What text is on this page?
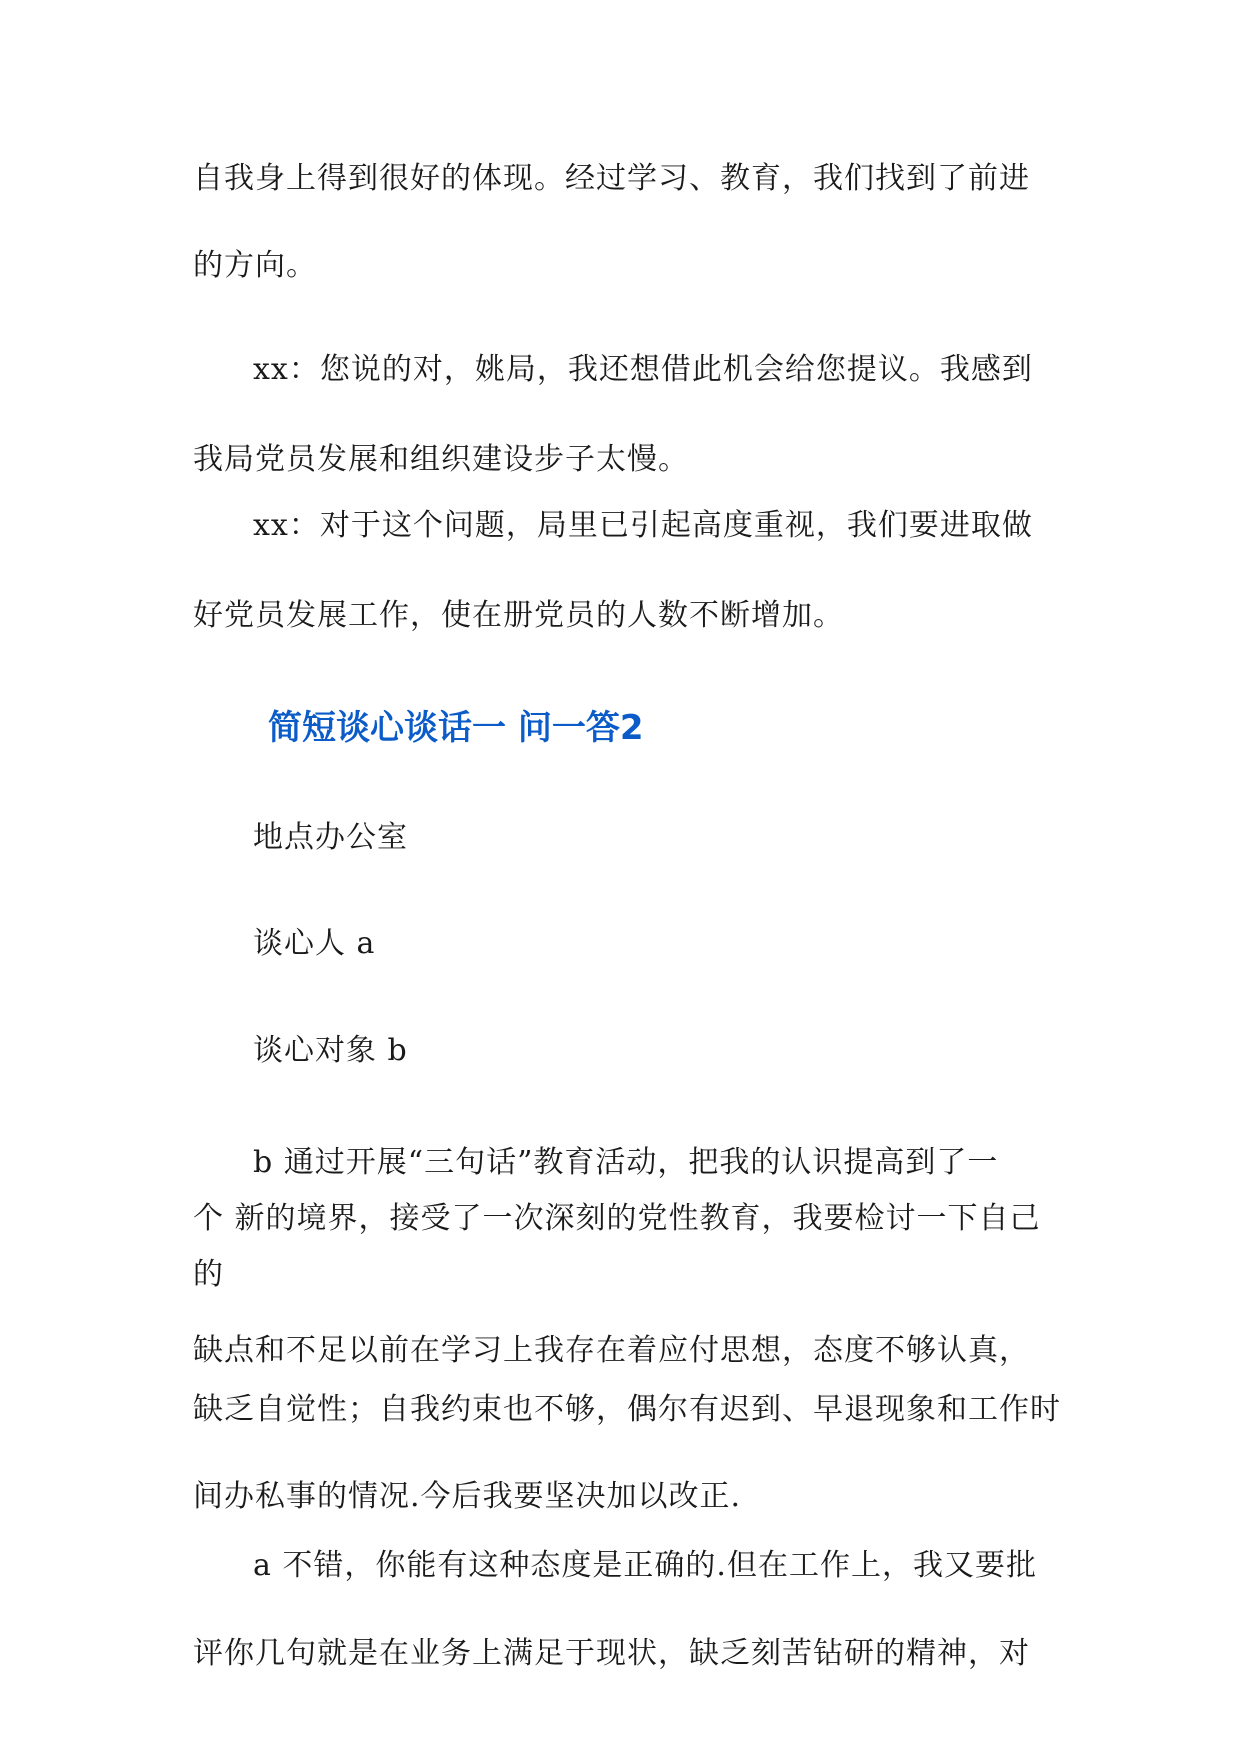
自我身上得到很好的体现。经过学习、教育，我们找到了前进
的方向。
xx：您说的对，姚局，我还想借此机会给您提议。我感到
我局党员发展和组织建设步子太慢。
xx：对于这个问题，局里已引起高度重视，我们要进取做
好党员发展工作，使在册党员的人数不断增加。
简短谈心谈话一 问一答2
地点办公室
谈心人 a
谈心对象 b
b 通过开展“三句话”教育活动，把我的认识提高到了一
个 新的境界，接受了一次深刻的党性教育，我要检讨一下自己
的
缺点和不足以前在学习上我存在着应付思想，态度不够认真，
缺乏自觉性；自我约束也不够，偶尔有迟到、早退现象和工作时
间办私事的情况.今后我要坚决加以改正.
a 不错，你能有这种态度是正确的.但在工作上，我又要批
评你几句就是在业务上满足于现状，缺乏刻苦钻研的精神，对
